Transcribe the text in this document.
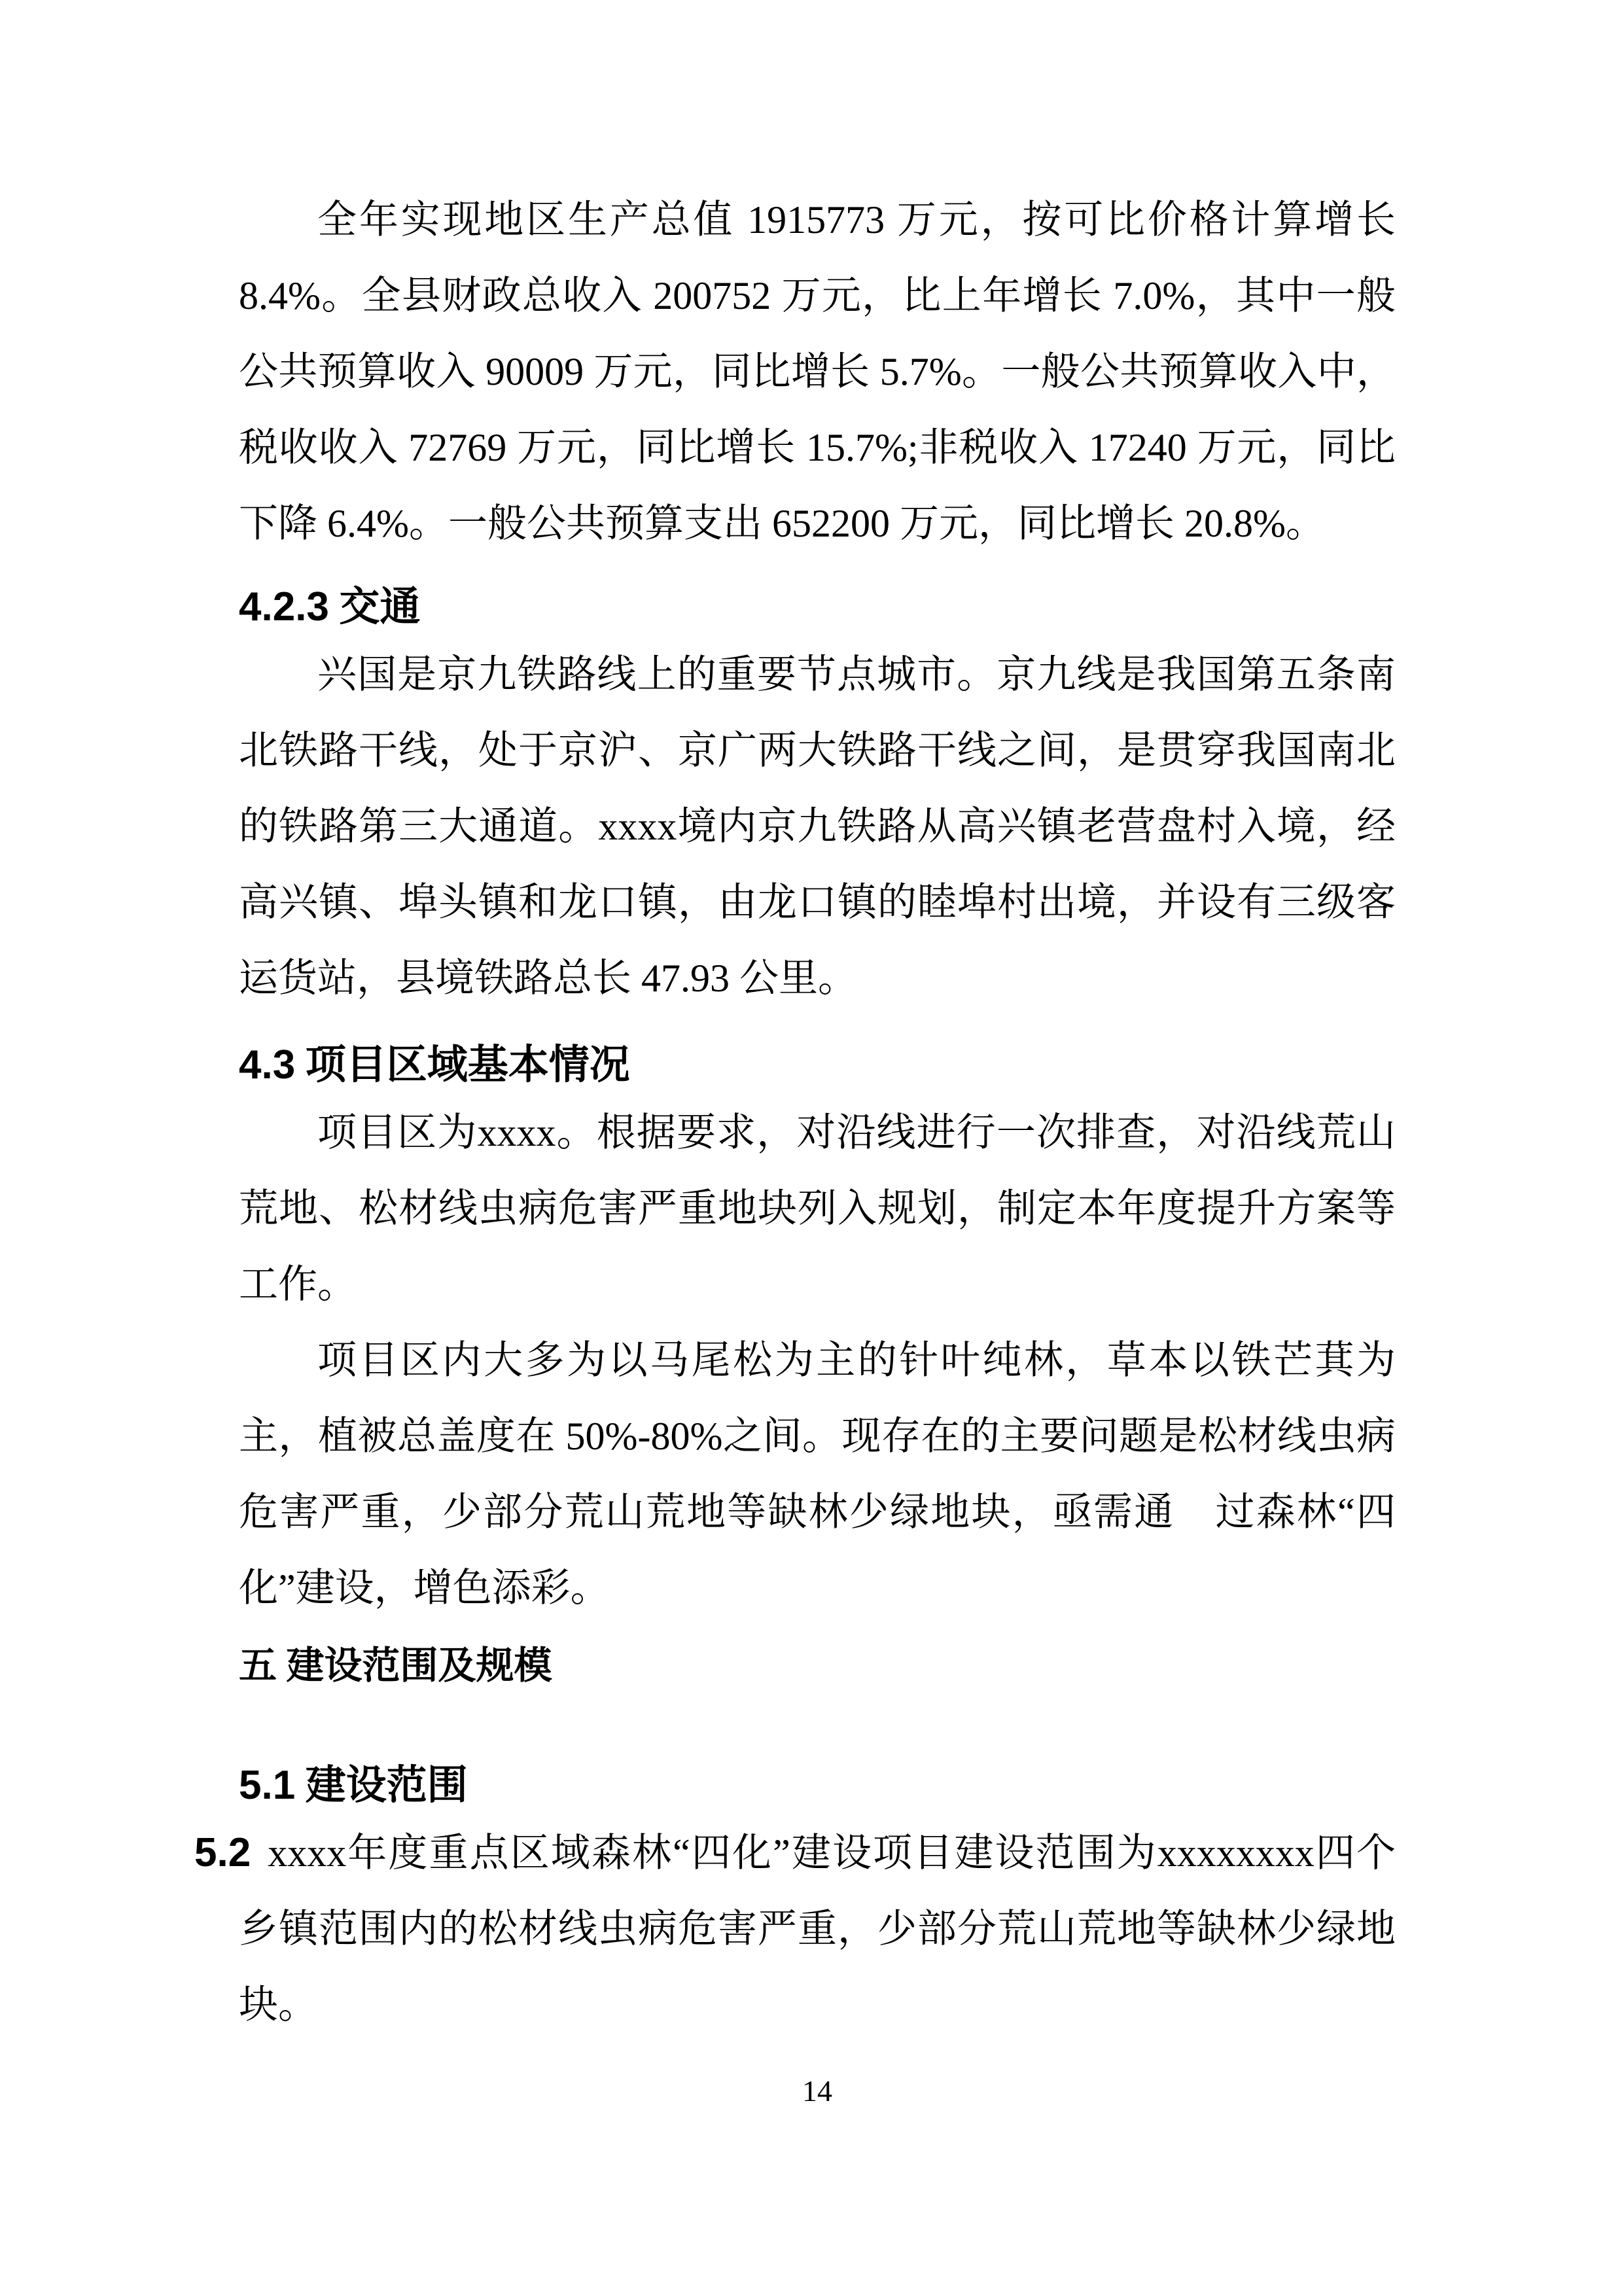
全年实现地区生产总值 1915773 万元，按可比价格计算增长 8.4%。全县财政总收入 200752 万元，比上年增长 7.0%，其中一般公共预算收入 90009 万元，同比增长 5.7%。一般公共预算收入中，税收收入 72769 万元，同比增长 15.7%;非税收入 17240 万元，同比下降 6.4%。一般公共预算支出 652200 万元，同比增长 20.8%。

4.2.3 交通

兴国是京九铁路线上的重要节点城市。京九线是我国第五条南北铁路干线，处于京沪、京广两大铁路干线之间，是贯穿我国南北的铁路第三大通道。xxxx境内京九铁路从高兴镇老营盘村入境，经高兴镇、埠头镇和龙口镇，由龙口镇的睦埠村出境，并设有三级客运货站，县境铁路总长 47.93 公里。

4.3 项目区域基本情况

项目区为xxxx。根据要求，对沿线进行一次排查，对沿线荒山荒地、松材线虫病危害严重地块列入规划，制定本年度提升方案等工作。

项目区内大多为以马尾松为主的针叶纯林，草本以铁芒萁为主，植被总盖度在 50%-80%之间。现存在的主要问题是松材线虫病危害严重，少部分荒山荒地等缺林少绿地块，亟需通　过森林“四化”建设，增色添彩。

五 建设范围及规模
5.1 建设范围

5.2 xxxx年度重点区域森林“四化”建设项目建设范围为xxxxxxxx四个乡镇范围内的松材线虫病危害严重，少部分荒山荒地等缺林少绿地块。

14
